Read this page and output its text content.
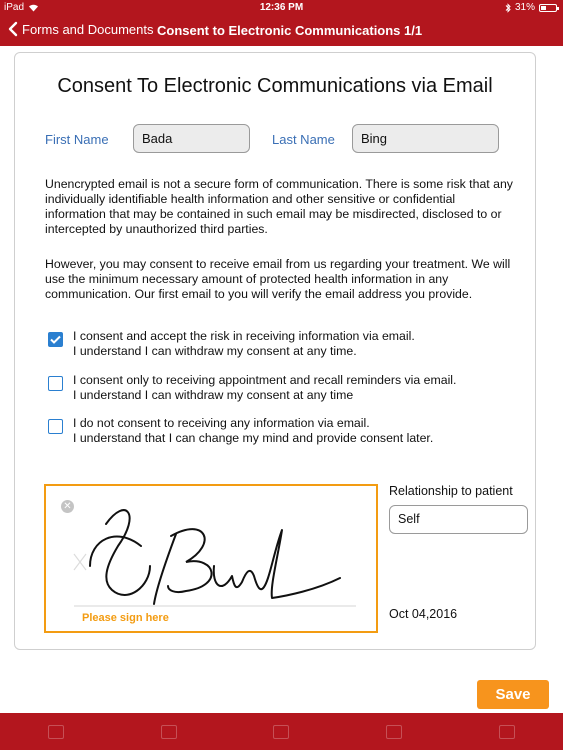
iPad	12:36 PM	31%
Forms and Documents Consent to Electronic Communications 1/1
Consent To Electronic Communications via Email
First Name	Bada	Last Name	Bing
Unencrypted email is not a secure form of communication. There is some risk that any individually identifiable health information and other sensitive or confidential information that may be contained in such email may be misdirected, disclosed to or intercepted by unauthorized third parties.
However, you may consent to receive email from us regarding your treatment. We will use the minimum necessary amount of protected health information in any communication. Our first email to you will verify the email address you provide.
I consent and accept the risk in receiving information via email.
I understand I can withdraw my consent at any time.
I consent only to receiving appointment and recall reminders via email.
I understand I can withdraw my consent at any time
I do not consent to receiving any information via email.
I understand that I can change my mind and provide consent later.
✕
Please sign here
Relationship to patient
Self
Oct 04,2016
Save
